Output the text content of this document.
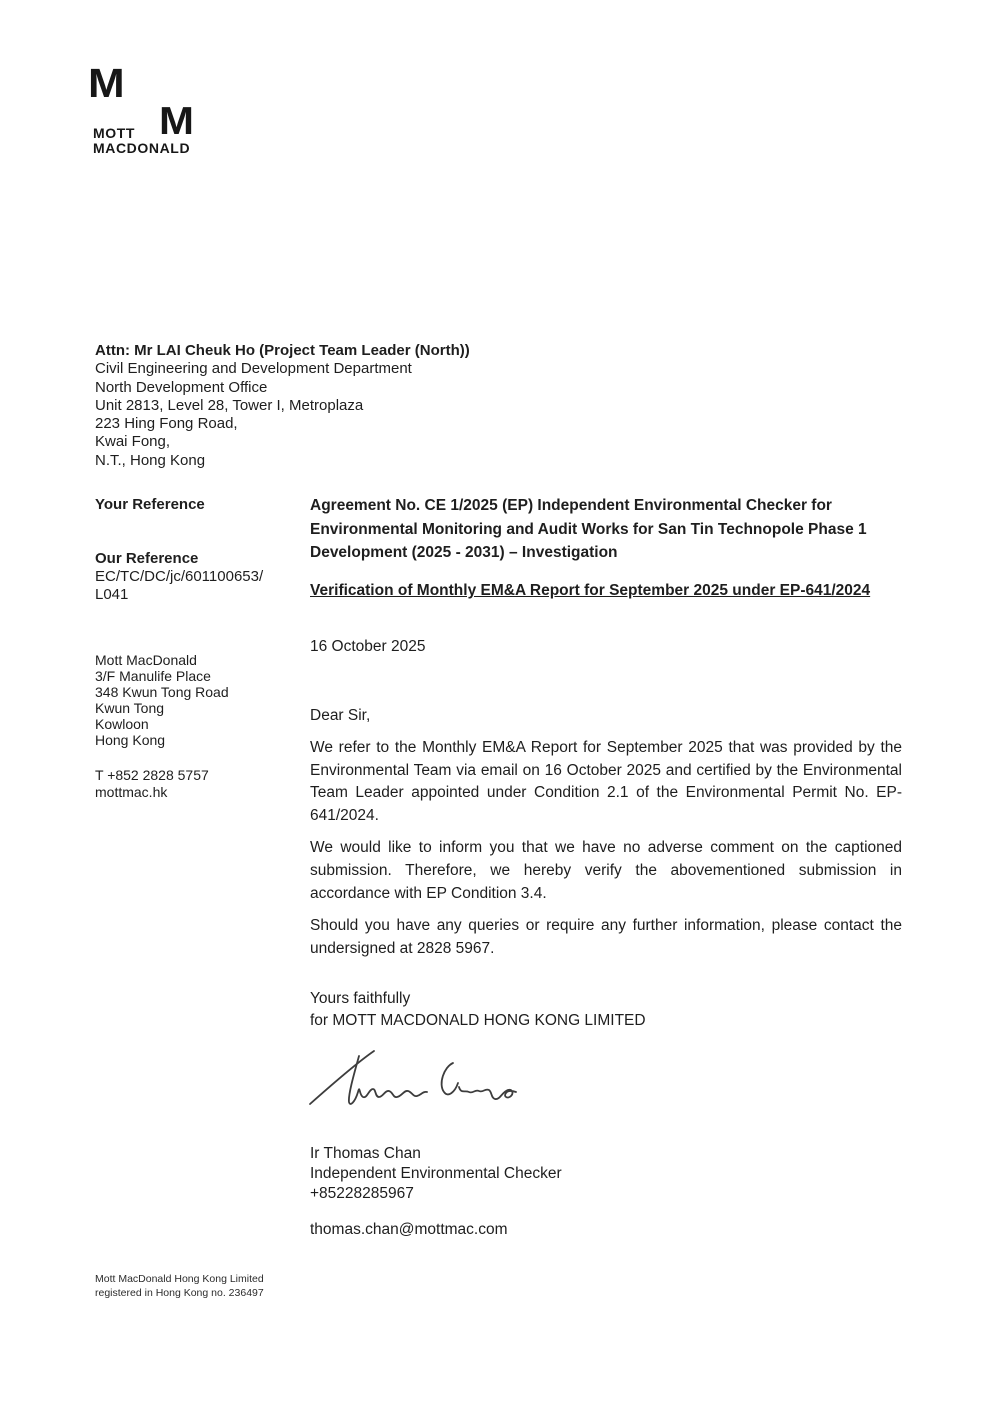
M
M
MOTT
MACDONALD
Attn: Mr LAI Cheuk Ho (Project Team Leader (North))
Civil Engineering and Development Department
North Development Office
Unit 2813, Level 28, Tower I, Metroplaza
223 Hing Fong Road,
Kwai Fong,
N.T., Hong Kong
Your Reference
Our Reference
EC/TC/DC/jc/601100653/
L041
Agreement No. CE 1/2025 (EP) Independent Environmental Checker for Environmental Monitoring and Audit Works for San Tin Technopole Phase 1 Development (2025 - 2031) – Investigation
Verification of Monthly EM&A Report for September 2025 under EP-641/2024
16 October 2025
Mott MacDonald
3/F Manulife Place
348 Kwun Tong Road
Kwun Tong
Kowloon
Hong Kong
T +852 2828 5757
mottmac.hk
Dear Sir,

We refer to the Monthly EM&A Report for September 2025 that was provided by the Environmental Team via email on 16 October 2025 and certified by the Environmental Team Leader appointed under Condition 2.1 of the Environmental Permit No. EP-641/2024.

We would like to inform you that we have no adverse comment on the captioned submission. Therefore, we hereby verify the abovementioned submission in accordance with EP Condition 3.4.

Should you have any queries or require any further information, please contact the undersigned at 2828 5967.

Yours faithfully
for MOTT MACDONALD HONG KONG LIMITED
Ir Thomas Chan
Independent Environmental Checker
+85228285967
thomas.chan@mottmac.com
Mott MacDonald Hong Kong Limited
registered in Hong Kong no. 236497
